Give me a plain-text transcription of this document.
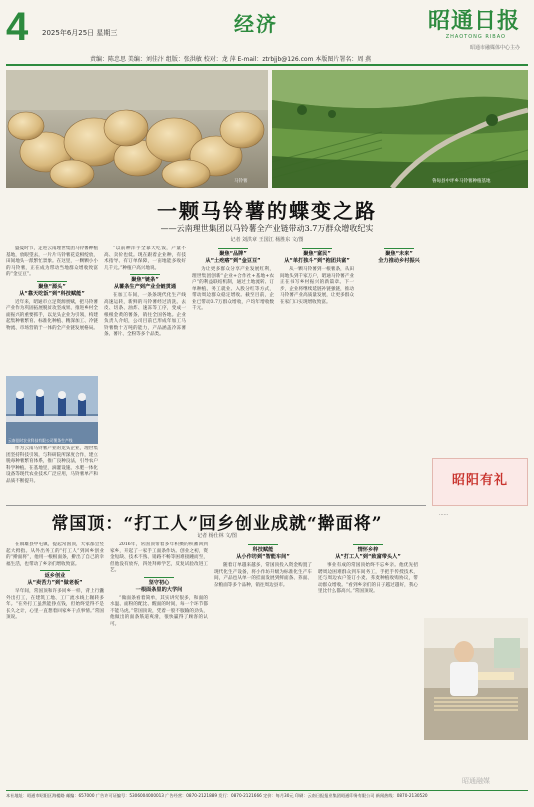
4 2025年6月25日 星期三	经济	昭通日报
ZHAOTONG RIBAO
昭通市融媒体中心主办
责编：陈忠思 美编：刘佳汴 组版：张洪敏 校对：龙 萍 E-mail：ztrbjjb@126.com 本版图片署名：周 燕
马铃薯	鲁甸县中坪乡马铃薯种植基地
一颗马铃薯的蝶变之路
——云南理世集团以马铃薯全产业链带动3.7万群众增收纪实
记者 刘洪章 王国江 杨胜东 文/图

盛夏时节，走进云南理世集团马铃薯种植基地，放眼望去，一片片马铃薯花竞相绽放，田间地头一派繁忙景象。在这里，一颗颗小小的马铃薯，正在成为带动当地群众增收致富的“金豆豆”。

聚焦“源头”
从“靠天吃饭”到“科技赋能”

近年来，昭通市立足资源禀赋，把马铃薯产业作为巩固拓展脱贫攻坚成果、推进乡村全面振兴的重要抓手，以龙头企业为引领，构建起集种薯繁育、标准化种植、精深加工、冷链物流、市场营销于一体的全产业链发展格局。

云南佳时农业科技有限公司薯条生产线

作为云南马铃薯产业的龙头企业，理世集团坚持科技引领，与科研院所深度合作，建立脱毒种薯繁育体系，推广良种良法，引导农户科学种植。在基地里，滴灌设施、水肥一体化设备等现代农业技术广泛应用，马铃薯单产和品质不断提升。

“以前种洋芋全靠天吃饭，产量不高、卖价也低。现在跟着企业种，有技术指导、有订单保障，一亩地能多收好几千元。”种植户高兴地说。

聚焦“链条”
从薯条生产到产业全链贯通

在加工车间，一条条现代化生产线高速运转，新鲜的马铃薯经过清洗、去皮、切条、油炸、速冻等工序，变成一根根金黄的薯条，销往全国各地。企业负责人介绍，公司目前已形成年加工马铃薯数十万吨的能力，产品涵盖冷冻薯条、薯片、全粉等多个品类。

聚焦“品牌”
从“土疙瘩”到“金豆豆”

为让更多群众分享产业发展红利，理世集团创新“企业+合作社+基地+农户”的利益联结机制，通过土地流转、订单种植、务工就业、入股分红等方式，带动周边群众稳定增收。截至目前，企业已带动3.7万群众增收，户均年增收数千元。

聚焦“富民”
从“单打独斗”到“抱团共富”

从一颗马铃薯到一根薯条，从田间地头到千家万户，昭通马铃薯产业正在书写乡村振兴的新篇章。下一步，企业将继续延链补链强链，推动马铃薯产业高质量发展，让更多群众在家门口实现增收致富。

聚焦“未来”
全力推动乡村振兴
昭阳有礼
常国顶：“打工人”回乡创业成就“擀面将”
记者 杨仕林 文/图

在镇雄县中屯镇，提起常国顶，大家都会竖起大拇指。从外出务工的“打工人”到回乡创业的“擀面将”，他用一根根面条，擀出了自己的幸福生活，也带动了乡亲们增收致富。

返乡创业
从“卖苦力”到“做老板”

早年间，常国顶和许多同乡一样，背上行囊外出打工，在建筑工地、工厂流水线上辗转多年。“在外打工虽然能挣点钱，但始终觉得不是长久之计，心里一直想着回家乡干点事情。”常国顶说。

2016年，常国顶带着多年积攒的积蓄回到家乡，开起了一家手工面条作坊。创业之初，资金短缺、技术不熟、销路不畅等困难接踵而至，但他没有放弃，四处拜师学艺，反复试验改进工艺。

坚守初心
一根面条里的大学问

“做面条看着简单，其实讲究很多，和面的水温、面粉的配比、醒面的时间，每一个环节都不能马虎。”常国顶说，凭着一股不服输的劲头，他做出的面条筋道爽滑，很快赢得了顾客的认可。

科技赋能
从小作坊到“智能车间”

随着订单越来越多，常国顶投入资金购置了现代化生产设备，将小作坊升级为标准化生产车间，产品也从单一的挂面发展到鲜面条、荞面、杂粮面等多个品种，销往周边县市。

情怀乡梓
从“打工人”到“致富带头人”

事业有成的常国顶始终不忘乡亲。他优先招聘周边困难群众到车间务工，手把手传授技术，还与周边农户签订小麦、荞麦种植收购协议，带动群众增收。“看到乡亲们的日子越过越好，我心里比什么都高兴。”常国顶说。

……

昭通融媒
本社地址：昭通市昭阳区海楼路 邮编：657000 广告许可证编号：5306004000013 广告经营：0870-2121889 发行：0870-2121666 定价：每月30元 印刷：云南日报报业集团昭通印务有限公司 新闻热线：0870-2130520
